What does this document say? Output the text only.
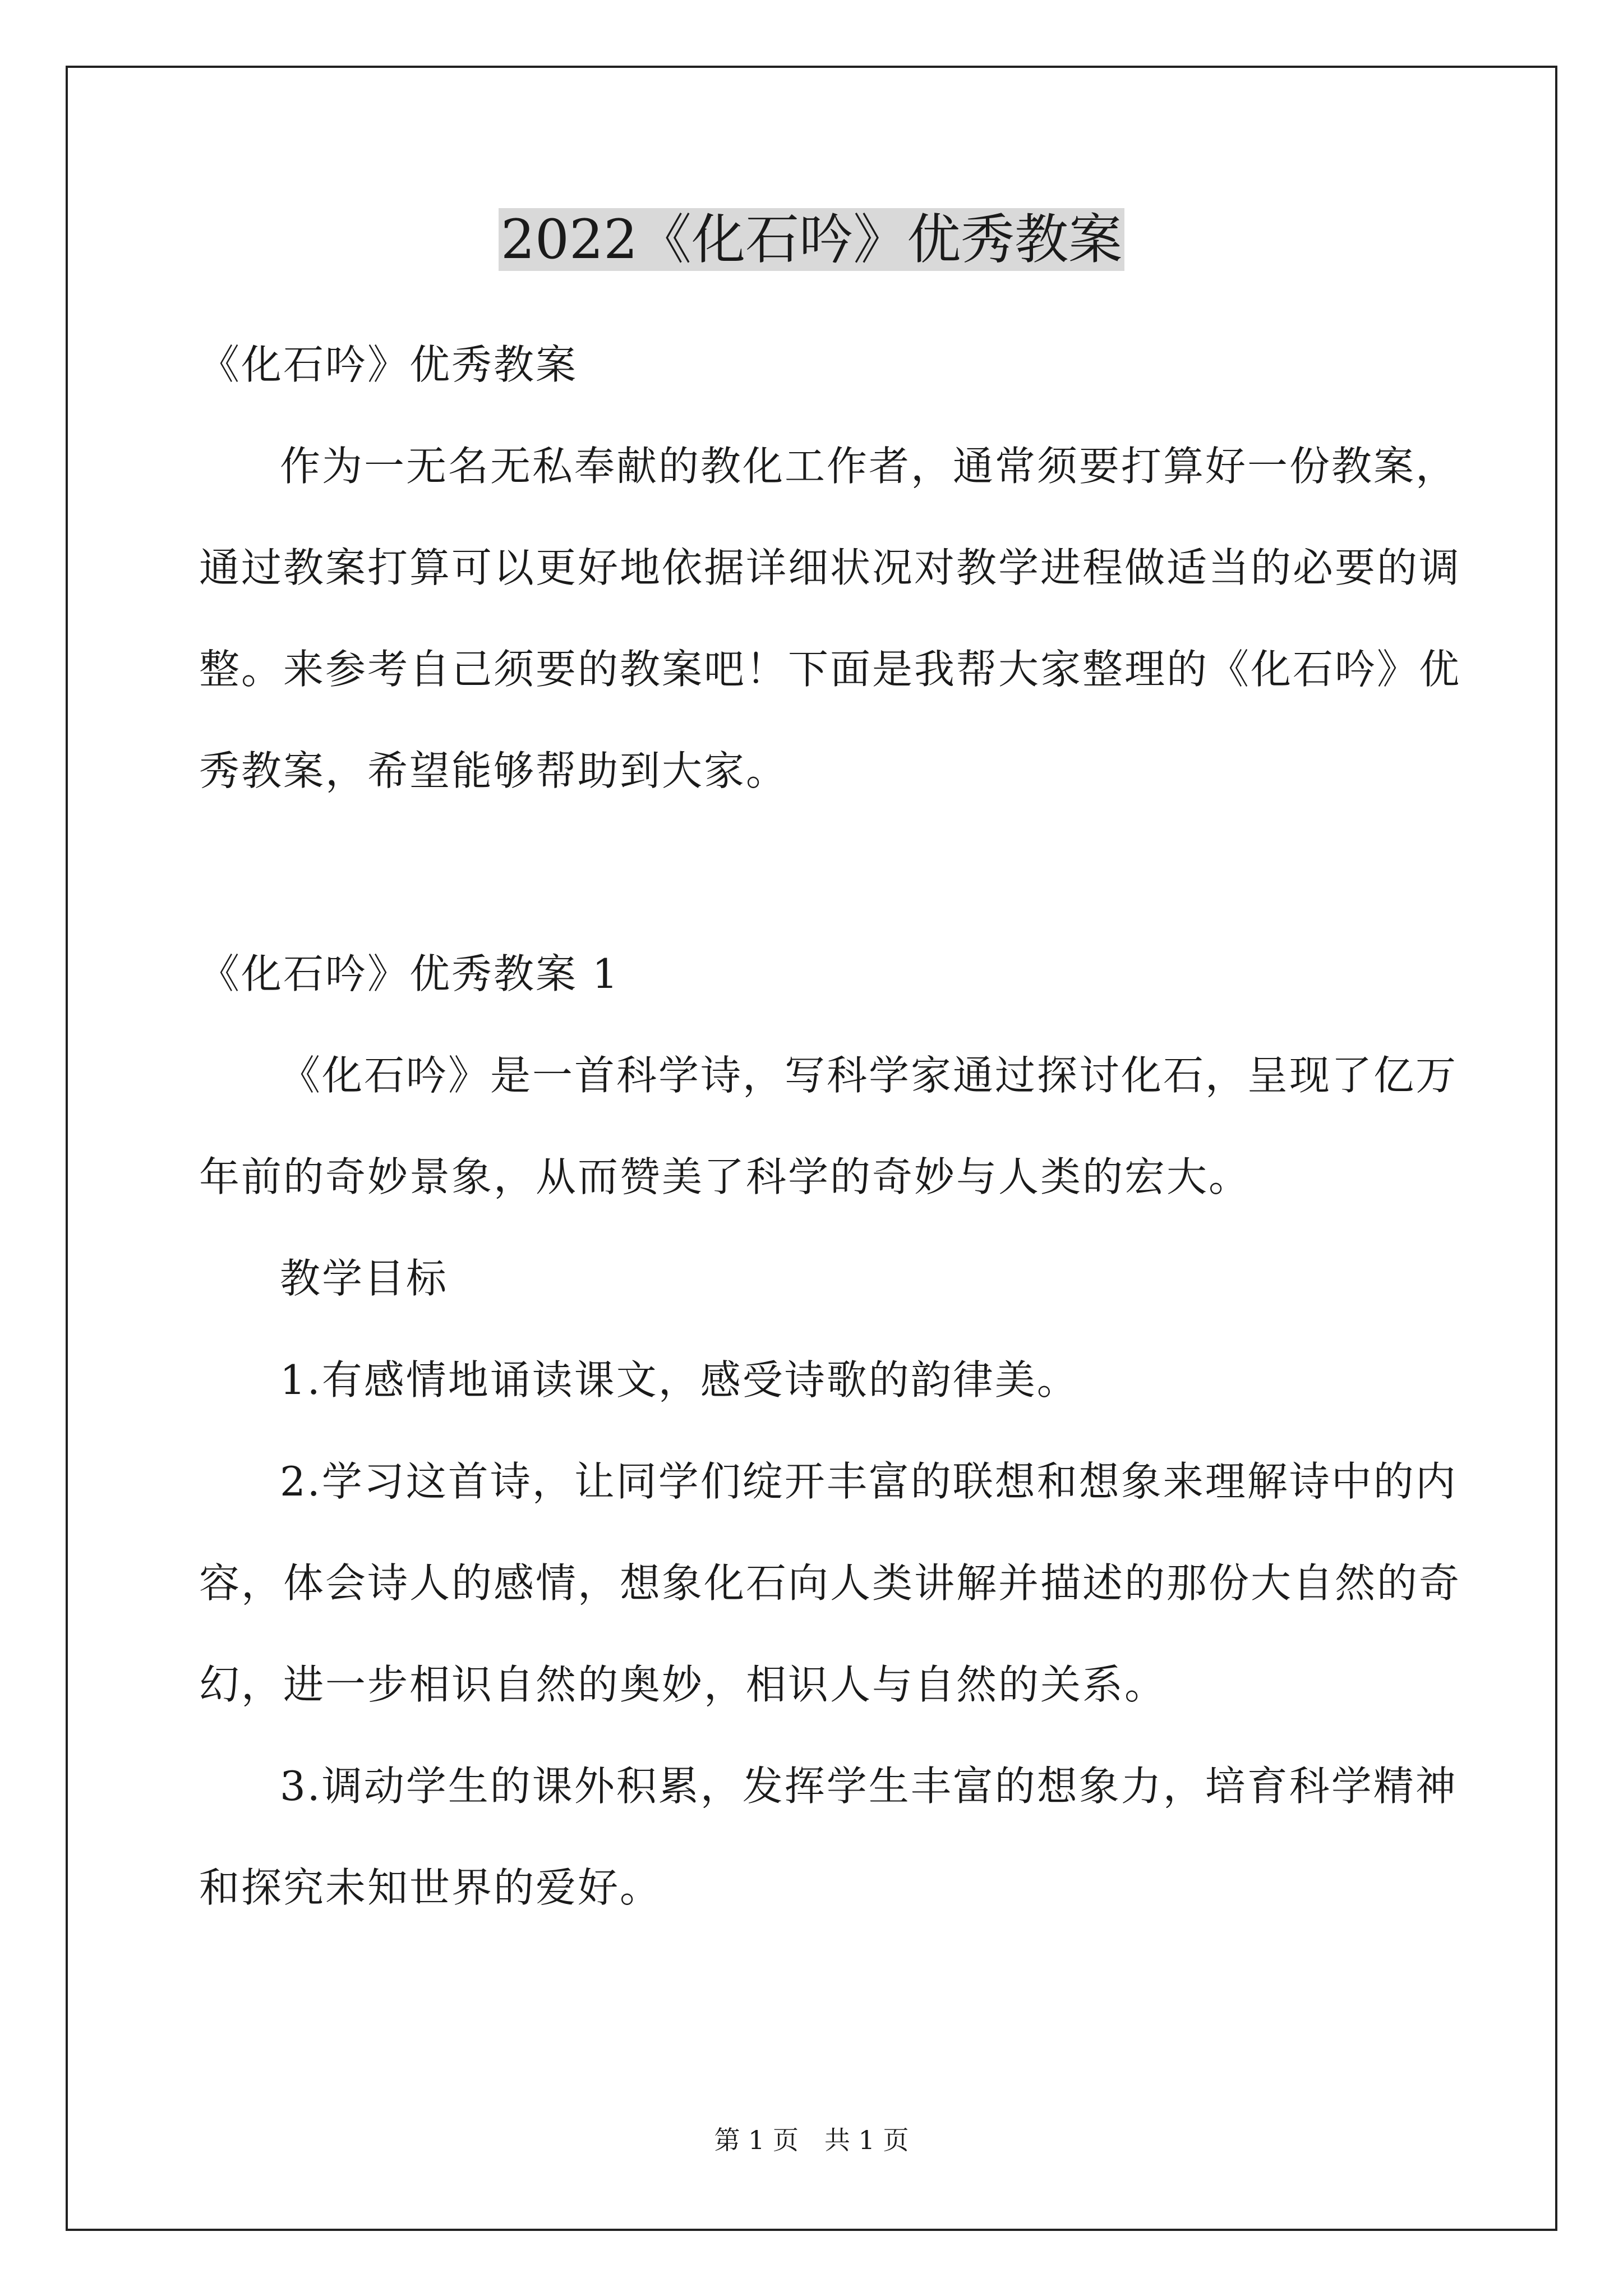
2022《化石吟》优秀教案
《化石吟》优秀教案
作为一无名无私奉献的教化工作者，通常须要打算好一份教案，
通过教案打算可以更好地依据详细状况对教学进程做适当的必要的调
整。来参考自己须要的教案吧！下面是我帮大家整理的《化石吟》优
秀教案，希望能够帮助到大家。
《化石吟》优秀教案 1
《化石吟》是一首科学诗，写科学家通过探讨化石，呈现了亿万
年前的奇妙景象，从而赞美了科学的奇妙与人类的宏大。
教学目标
1.有感情地诵读课文，感受诗歌的韵律美。
2.学习这首诗，让同学们绽开丰富的联想和想象来理解诗中的内
容，体会诗人的感情，想象化石向人类讲解并描述的那份大自然的奇
幻，进一步相识自然的奥妙，相识人与自然的关系。
3.调动学生的课外积累，发挥学生丰富的想象力，培育科学精神
和探究未知世界的爱好。
第 1 页　共 1 页
